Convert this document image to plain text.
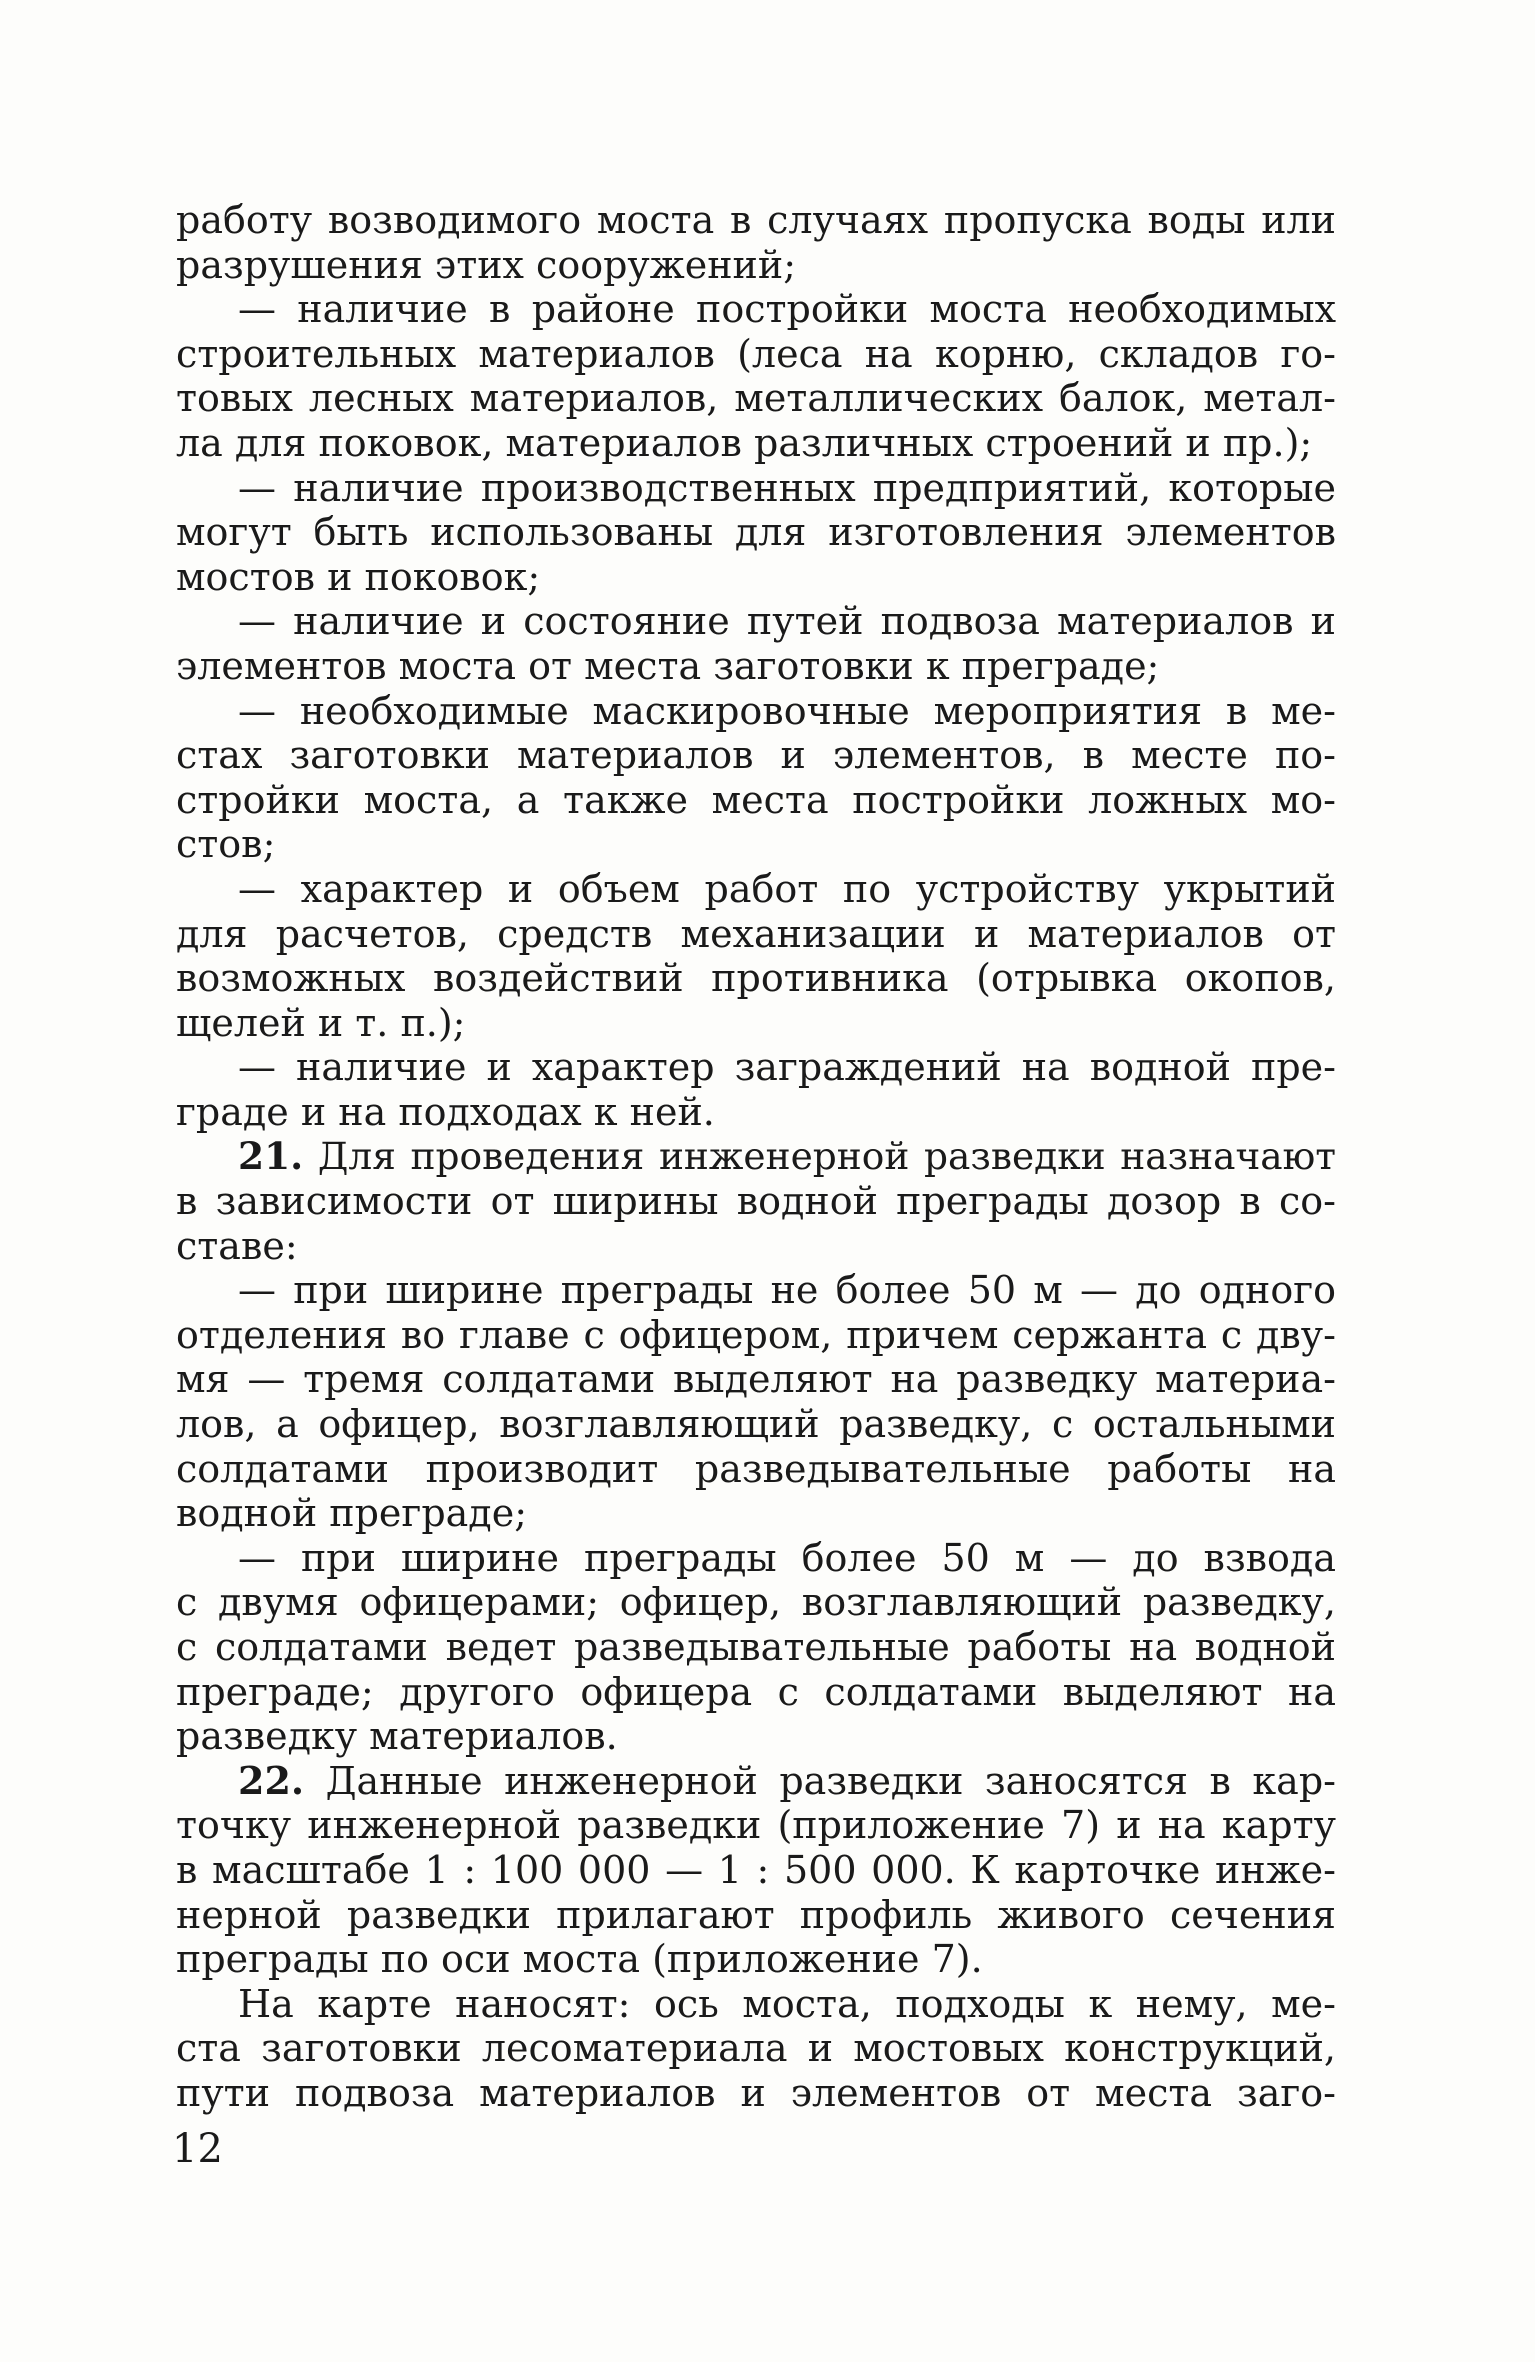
работу возводимого моста в случаях пропуска воды или
разрушения этих сооружений;
— наличие в районе постройки моста необходимых
строительных материалов (леса на корню, складов го-
товых лесных материалов, металлических балок, метал-
ла для поковок, материалов различных строений и пр.);
— наличие производственных предприятий, которые
могут быть использованы для изготовления элементов
мостов и поковок;
— наличие и состояние путей подвоза материалов и
элементов моста от места заготовки к преграде;
— необходимые маскировочные мероприятия в ме-
стах заготовки материалов и элементов, в месте по-
стройки моста, а также места постройки ложных мо-
стов;
— характер и объем работ по устройству укрытий
для расчетов, средств механизации и материалов от
возможных воздействий противника (отрывка окопов,
щелей и т. п.);
— наличие и характер заграждений на водной пре-
граде и на подходах к ней.
21. Для проведения инженерной разведки назначают
в зависимости от ширины водной преграды дозор в со-
ставе:
— при ширине преграды не более 50 м — до одного
отделения во главе с офицером, причем сержанта с дву-
мя — тремя солдатами выделяют на разведку материа-
лов, а офицер, возглавляющий разведку, с остальными
солдатами производит разведывательные работы на
водной преграде;
— при ширине преграды более 50 м — до взвода
с двумя офицерами; офицер, возглавляющий разведку,
с солдатами ведет разведывательные работы на водной
преграде; другого офицера с солдатами выделяют на
разведку материалов.
22. Данные инженерной разведки заносятся в кар-
точку инженерной разведки (приложение 7) и на карту
в масштабе 1 : 100 000 — 1 : 500 000. К карточке инже-
нерной разведки прилагают профиль живого сечения
преграды по оси моста (приложение 7).
На карте наносят: ось моста, подходы к нему, ме-
ста заготовки лесоматериала и мостовых конструкций,
пути подвоза материалов и элементов от места заго-
12
